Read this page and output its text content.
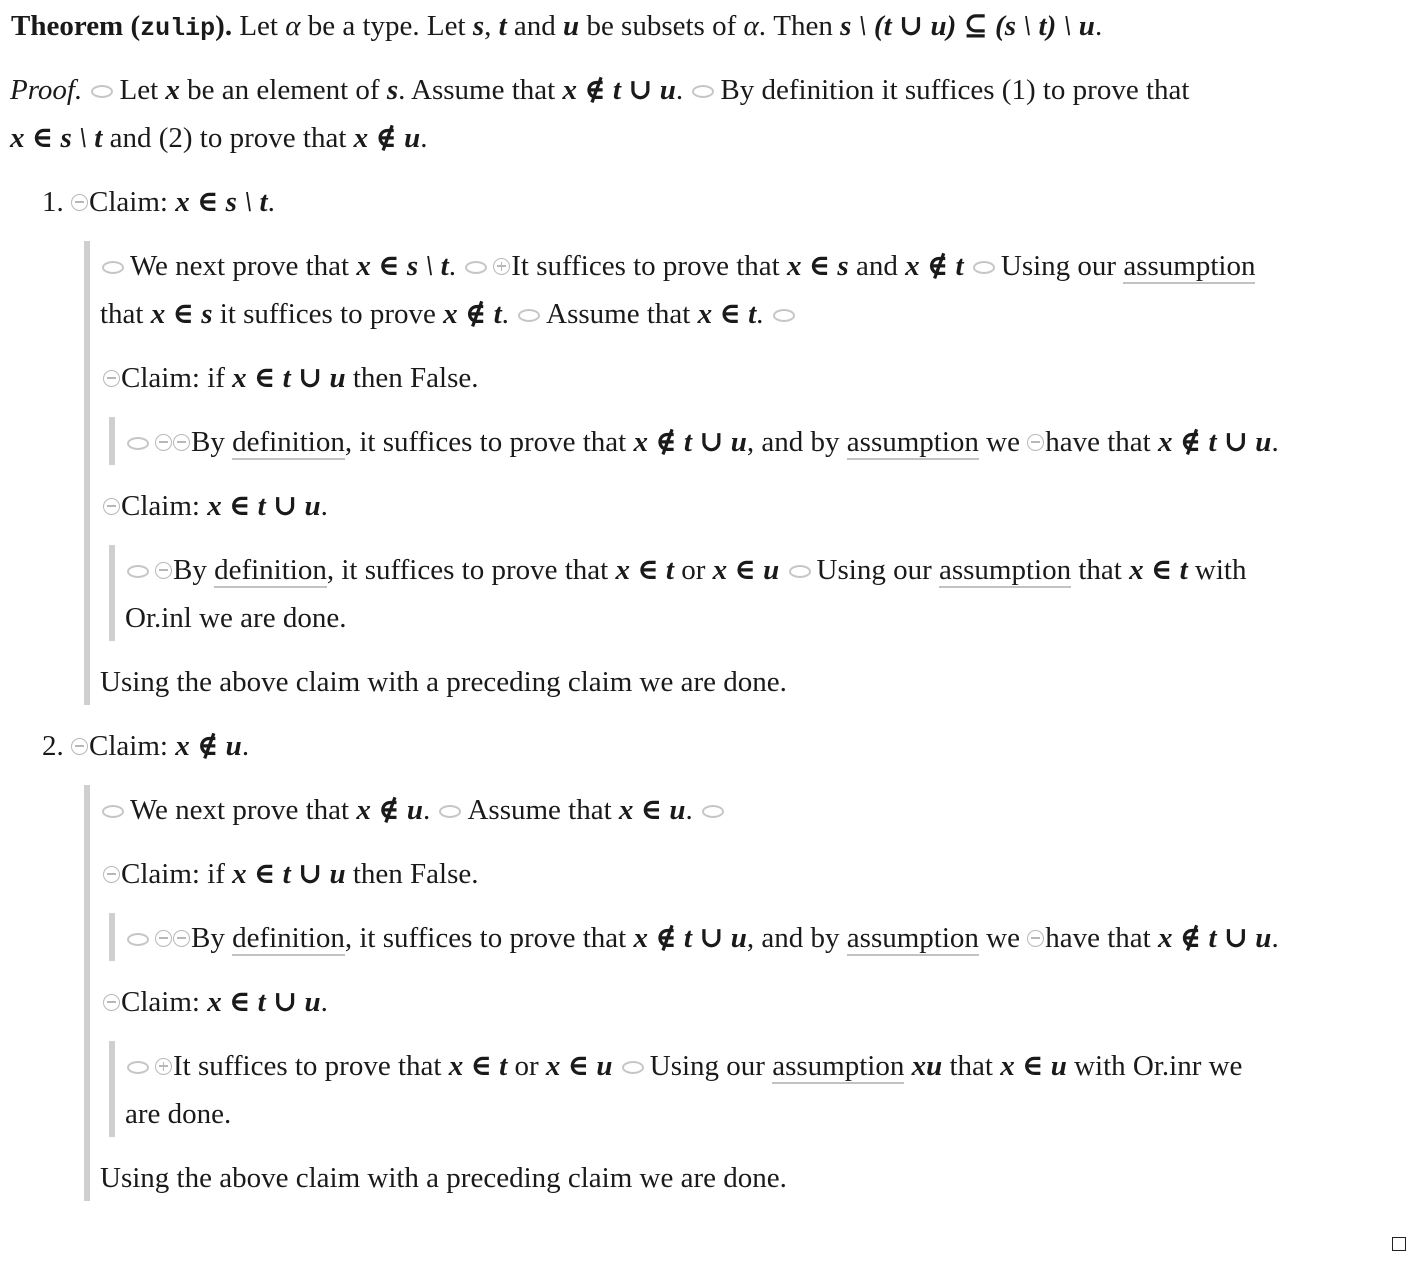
Theorem (zulip). Let α be a type. Let s, t and u be subsets of α. Then s \ (t ∪ u) ⊆ (s \ t) \ u.
Proof. Let x be an element of s. Assume that x ∉ t ∪ u. By definition it suffices (1) to prove that
x ∈ s \ t and (2) to prove that x ∉ u.
1. Claim: x ∈ s \ t.
We next prove that x ∈ s \ t. It suffices to prove that x ∈ s and x ∉ t Using our assumption
that x ∈ s it suffices to prove x ∉ t. Assume that x ∈ t.
Claim: if x ∈ t ∪ u then False.
By definition, it suffices to prove that x ∉ t ∪ u, and by assumption we have that x ∉ t ∪ u.
Claim: x ∈ t ∪ u.
By definition, it suffices to prove that x ∈ t or x ∈ u Using our assumption that x ∈ t with
Or.inl we are done.
Using the above claim with a preceding claim we are done.
2. Claim: x ∉ u.
We next prove that x ∉ u. Assume that x ∈ u.
Claim: if x ∈ t ∪ u then False.
By definition, it suffices to prove that x ∉ t ∪ u, and by assumption we have that x ∉ t ∪ u.
Claim: x ∈ t ∪ u.
It suffices to prove that x ∈ t or x ∈ u Using our assumption xu that x ∈ u with Or.inr we
are done.
Using the above claim with a preceding claim we are done.
